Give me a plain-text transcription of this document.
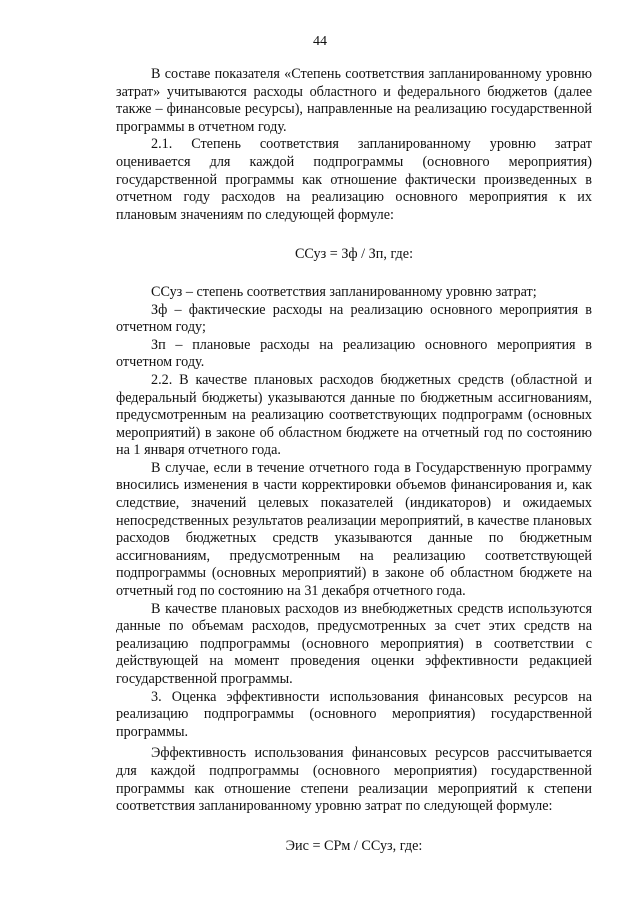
44

В составе показателя «Степень соответствия запланированному уровню затрат» учитываются расходы областного и федерального бюджетов (далее также – финансовые ресурсы), направленные на реализацию государственной программы в отчетном году.

2.1. Степень соответствия запланированному уровню затрат оценивается для каждой подпрограммы (основного мероприятия) государственной программы как отношение фактически произведенных в отчетном году расходов на реализацию основного мероприятия к их плановым значениям по следующей формуле:

ССуз = Зф / Зп, где:

ССуз – степень соответствия запланированному уровню затрат;

Зф – фактические расходы на реализацию основного мероприятия в отчетном году;

Зп – плановые расходы на реализацию основного мероприятия в отчетном году.

2.2. В качестве плановых расходов бюджетных средств (областной и федеральный бюджеты) указываются данные по бюджетным ассигнованиям, предусмотренным на реализацию соответствующих подпрограмм (основных мероприятий) в законе об областном бюджете на отчетный год по состоянию на 1 января отчетного года.

В случае, если в течение отчетного года в Государственную программу вносились изменения в части корректировки объемов финансирования и, как следствие, значений целевых показателей (индикаторов) и ожидаемых непосредственных результатов реализации мероприятий, в качестве плановых расходов бюджетных средств указываются данные по бюджетным ассигнованиям, предусмотренным на реализацию соответствующей подпрограммы (основных мероприятий) в законе об областном бюджете на отчетный год по состоянию на 31 декабря отчетного года.

В качестве плановых расходов из внебюджетных средств используются данные по объемам расходов, предусмотренных за счет этих средств на реализацию подпрограммы (основного мероприятия) в соответствии с действующей на момент проведения оценки эффективности редакцией государственной программы.

3. Оценка эффективности использования финансовых ресурсов на реализацию подпрограммы (основного мероприятия) государственной программы.

Эффективность использования финансовых ресурсов рассчитывается для каждой подпрограммы (основного мероприятия) государственной программы как отношение степени реализации мероприятий к степени соответствия запланированному уровню затрат по следующей формуле:

Эис = СРм / ССуз, где:
